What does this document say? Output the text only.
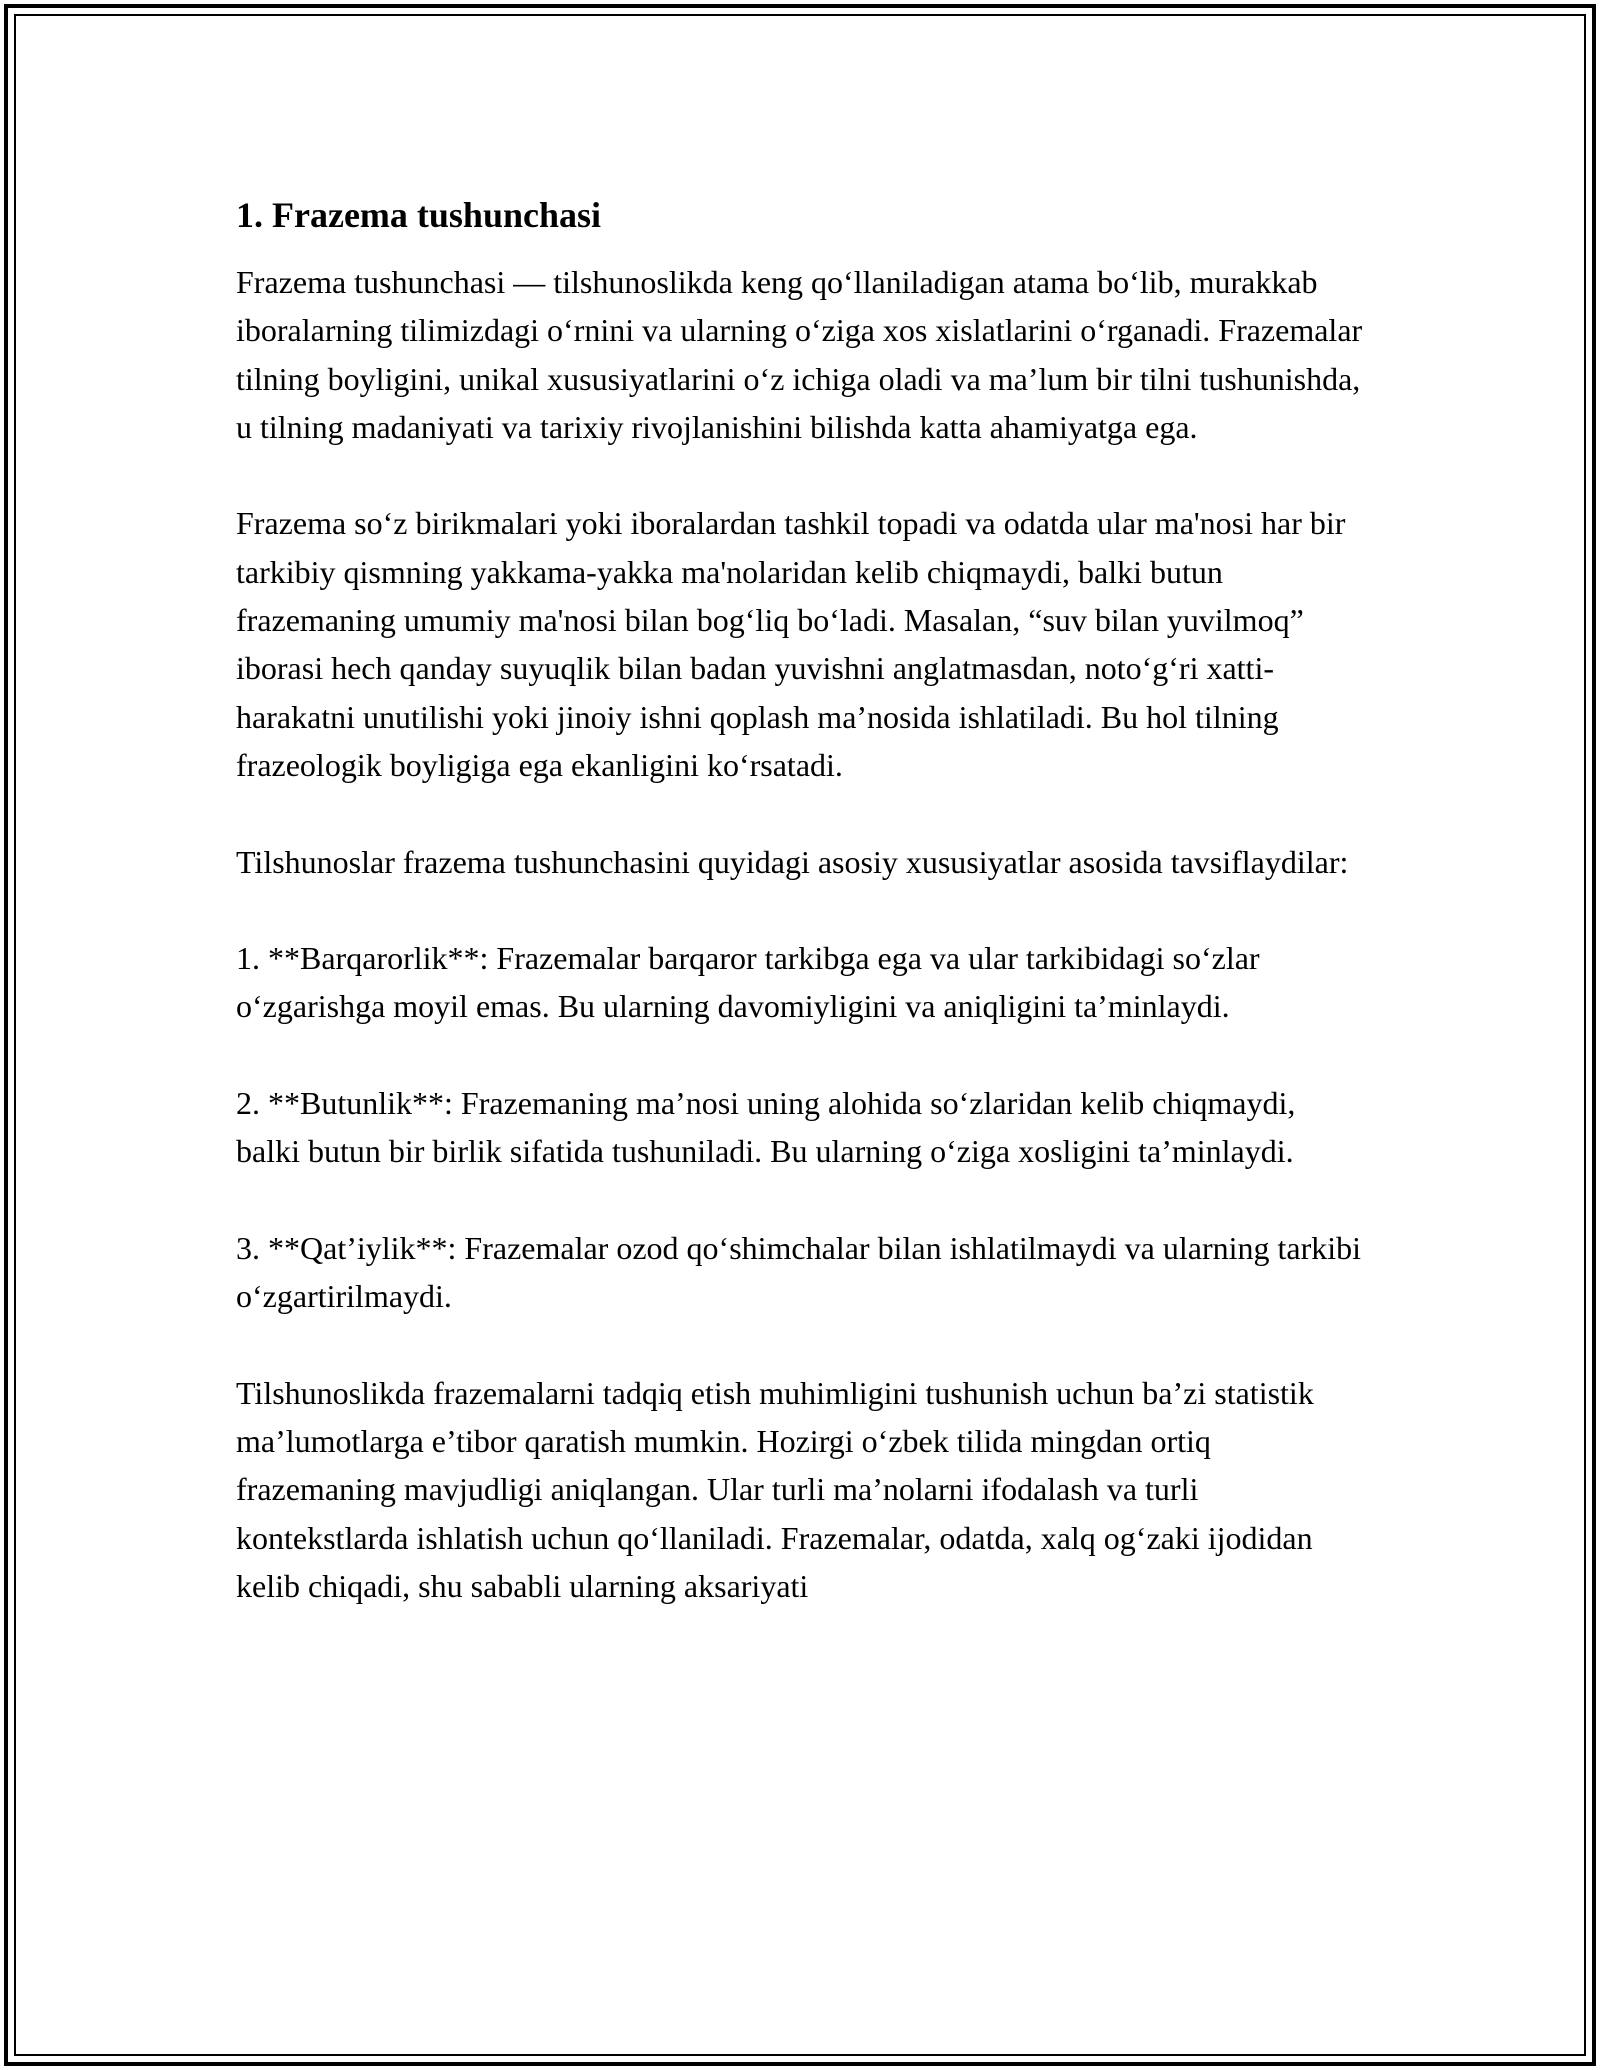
1. Frazema tushunchasi

Frazema tushunchasi — tilshunoslikda keng qo‘llaniladigan atama bo‘lib, murakkab iboralarning tilimizdagi o‘rnini va ularning o‘ziga xos xislatlarini o‘rganadi. Frazemalar tilning boyligini, unikal xususiyatlarini o‘z ichiga oladi va ma’lum bir tilni tushunishda, u tilning madaniyati va tarixiy rivojlanishini bilishda katta ahamiyatga ega.

Frazema so‘z birikmalari yoki iboralardan tashkil topadi va odatda ular ma'nosi har bir tarkibiy qismning yakkama-yakka ma'nolaridan kelib chiqmaydi, balki butun frazemaning umumiy ma'nosi bilan bog‘liq bo‘ladi. Masalan, “suv bilan yuvilmoq” iborasi hech qanday suyuqlik bilan badan yuvishni anglatmasdan, noto‘g‘ri xatti-harakatni unutilishi yoki jinoiy ishni qoplash ma’nosida ishlatiladi. Bu hol tilning frazeologik boyligiga ega ekanligini ko‘rsatadi.

Tilshunoslar frazema tushunchasini quyidagi asosiy xususiyatlar asosida tavsiflaydilar:

1. **Barqarorlik**: Frazemalar barqaror tarkibga ega va ular tarkibidagi so‘zlar o‘zgarishga moyil emas. Bu ularning davomiyligini va aniqligini ta’minlaydi.

2. **Butunlik**: Frazemaning ma’nosi uning alohida so‘zlaridan kelib chiqmaydi, balki butun bir birlik sifatida tushuniladi. Bu ularning o‘ziga xosligini ta’minlaydi.

3. **Qat’iylik**: Frazemalar ozod qo‘shimchalar bilan ishlatilmaydi va ularning tarkibi o‘zgartirilmaydi.

Tilshunoslikda frazemalarni tadqiq etish muhimligini tushunish uchun ba’zi statistik ma’lumotlarga e’tibor qaratish mumkin. Hozirgi o‘zbek tilida mingdan ortiq frazemaning mavjudligi aniqlangan. Ular turli ma’nolarni ifodalash va turli kontekstlarda ishlatish uchun qo‘llaniladi. Frazemalar, odatda, xalq og‘zaki ijodidan kelib chiqadi, shu sababli ularning aksariyati
